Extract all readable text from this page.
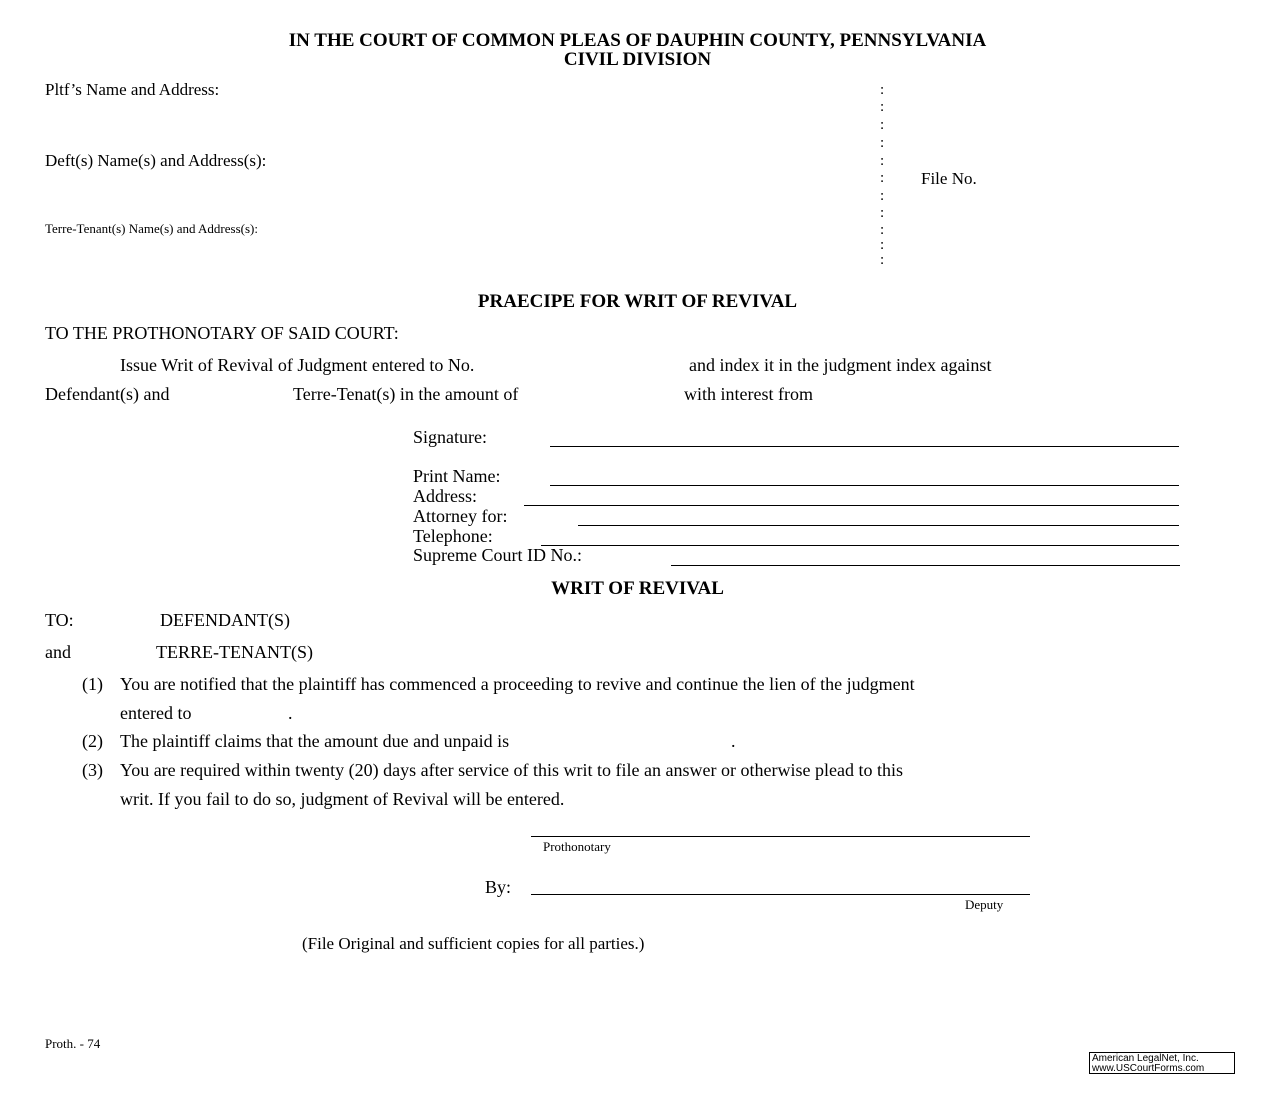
IN THE COURT OF COMMON PLEAS OF DAUPHIN COUNTY, PENNSYLVANIA
CIVIL DIVISION
Pltf’s Name and Address:
Deft(s) Name(s) and Address(s):
Terre-Tenant(s) Name(s) and Address(s):
File No.
:
:
:
:
:
:
:
:
:
:
:
PRAECIPE FOR WRIT OF REVIVAL
TO THE PROTHONOTARY OF SAID COURT:
Issue Writ of Revival of Judgment entered to No.	and index it in the judgment index against
Defendant(s) and	Terre-Tenat(s) in the amount of	with interest from
Signature:
Print Name:
Address:
Attorney for:
Telephone:
Supreme Court ID No.:
WRIT OF REVIVAL
TO:	DEFENDANT(S)
and	TERRE-TENANT(S)
(1) You are notified that the plaintiff has commenced a proceeding to revive and continue the lien of the judgment
entered to	.
(2) The plaintiff claims that the amount due and unpaid is	.
(3) You are required within twenty (20) days after service of this writ to file an answer or otherwise plead to this
writ. If you fail to do so, judgment of Revival will be entered.
Prothonotary
By:
Deputy
(File Original and sufficient copies for all parties.)
Proth. - 74
American LegalNet, Inc.
www.USCourtForms.com
